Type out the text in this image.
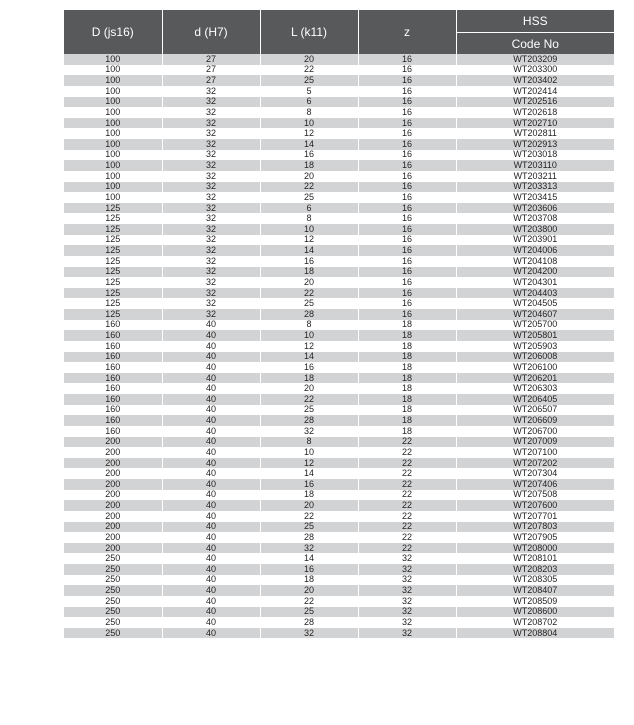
D (js16)	d (H7)	L (k11)	z	HSS
				Code No
100	27	20	16	WT203209
100	27	22	16	WT203300
100	27	25	16	WT203402
100	32	5	16	WT202414
100	32	6	16	WT202516
100	32	8	16	WT202618
100	32	10	16	WT202710
100	32	12	16	WT202811
100	32	14	16	WT202913
100	32	16	16	WT203018
100	32	18	16	WT203110
100	32	20	16	WT203211
100	32	22	16	WT203313
100	32	25	16	WT203415
125	32	6	16	WT203606
125	32	8	16	WT203708
125	32	10	16	WT203800
125	32	12	16	WT203901
125	32	14	16	WT204006
125	32	16	16	WT204108
125	32	18	16	WT204200
125	32	20	16	WT204301
125	32	22	16	WT204403
125	32	25	16	WT204505
125	32	28	16	WT204607
160	40	8	18	WT205700
160	40	10	18	WT205801
160	40	12	18	WT205903
160	40	14	18	WT206008
160	40	16	18	WT206100
160	40	18	18	WT206201
160	40	20	18	WT206303
160	40	22	18	WT206405
160	40	25	18	WT206507
160	40	28	18	WT206609
160	40	32	18	WT206700
200	40	8	22	WT207009
200	40	10	22	WT207100
200	40	12	22	WT207202
200	40	14	22	WT207304
200	40	16	22	WT207406
200	40	18	22	WT207508
200	40	20	22	WT207600
200	40	22	22	WT207701
200	40	25	22	WT207803
200	40	28	22	WT207905
200	40	32	22	WT208000
250	40	14	32	WT208101
250	40	16	32	WT208203
250	40	18	32	WT208305
250	40	20	32	WT208407
250	40	22	32	WT208509
250	40	25	32	WT208600
250	40	28	32	WT208702
250	40	32	32	WT208804
